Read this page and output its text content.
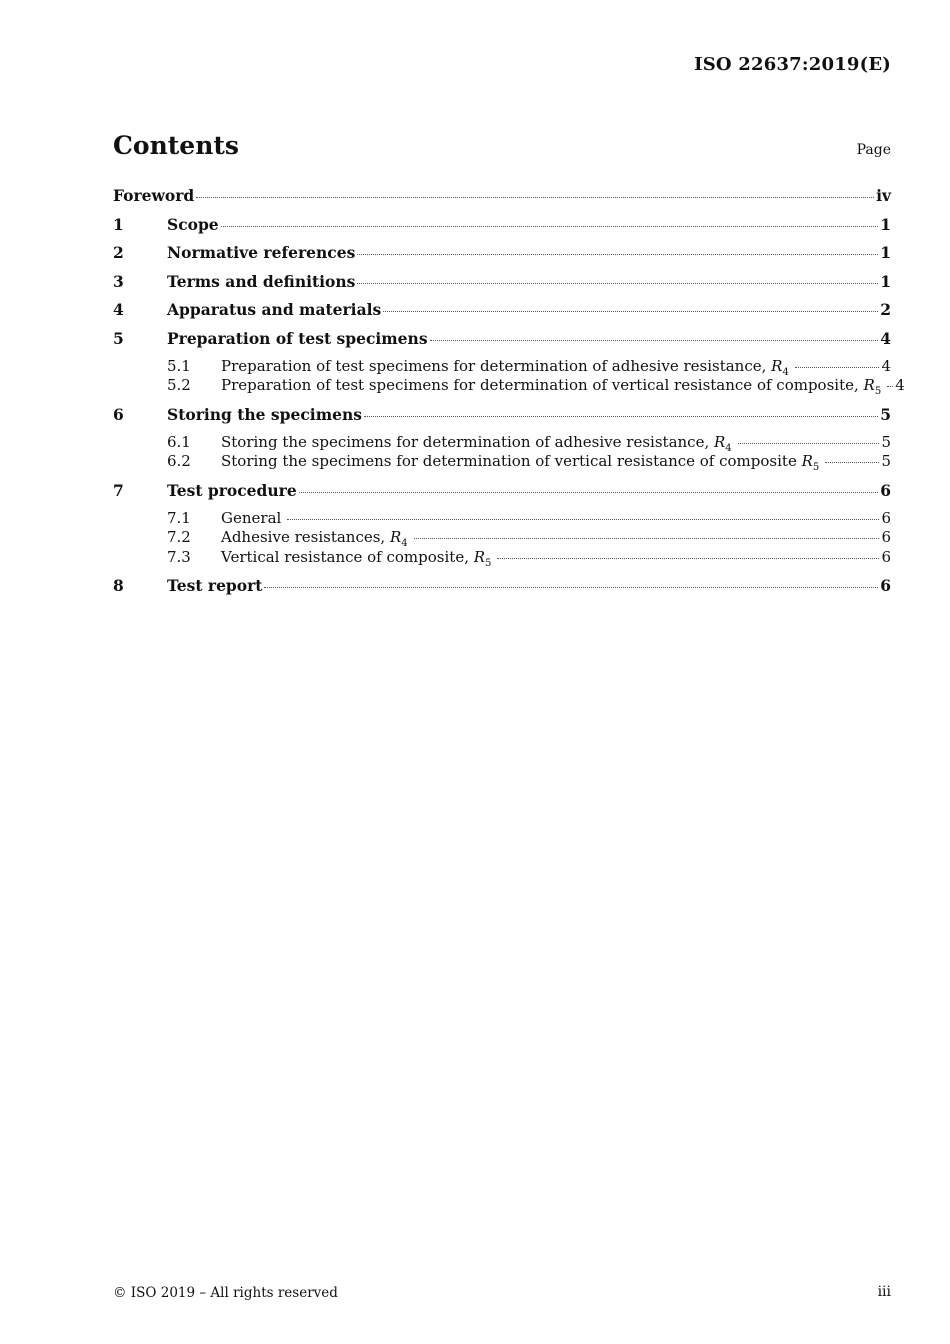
ISO 22637:2019(E)
Contents	Page
Foreword	iv
1	Scope	1
2	Normative references	1
3	Terms and definitions	1
4	Apparatus and materials	2
5	Preparation of test specimens	4
5.1	Preparation of test specimens for determination of adhesive resistance, $R_4$	4
5.2	Preparation of test specimens for determination of vertical resistance of composite, $R_5$ 4
6	Storing the specimens	5
6.1	Storing the specimens for determination of adhesive resistance, $R_4$	5
6.2	Storing the specimens for determination of vertical resistance of composite $R_5$	5
7	Test procedure	6
7.1	General	6
7.2	Adhesive resistances, $R_4$	6
7.3	Vertical resistance of composite, $R_5$	6
8	Test report	6
© ISO 2019 – All rights reserved	iii
